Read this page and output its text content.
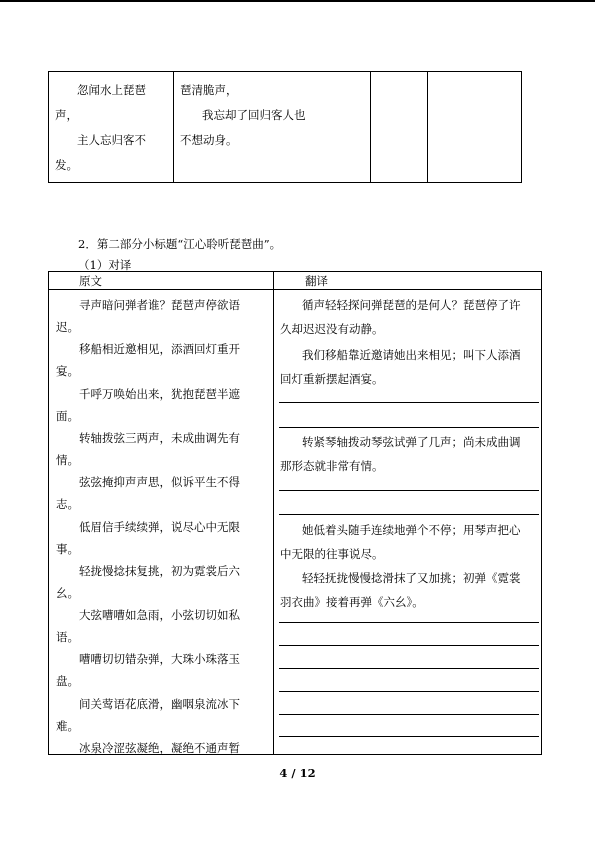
忽闻水上琵琶
声，
主人忘归客不
发。
琶清脆声，
我忘却了回归客人也
不想动身。
2．第二部分小标题“江心聆听琵琶曲”。
（1）对译
原文	翻译
寻声暗问弹者谁？琵琶声停欲语
迟。
移船相近邀相见，添酒回灯重开
宴。
千呼万唤始出来，犹抱琵琶半遮
面。
转轴拨弦三两声，未成曲调先有
情。
弦弦掩抑声声思，似诉平生不得
志。
低眉信手续续弹，说尽心中无限
事。
轻拢慢捻抹复挑，初为霓裳后六
幺。
大弦嘈嘈如急雨，小弦切切如私
语。
嘈嘈切切错杂弹，大珠小珠落玉
盘。
间关莺语花底滑，幽咽泉流冰下
难。
冰泉冷涩弦凝绝，凝绝不通声暂
循声轻轻探问弹琵琶的是何人？琵琶停了许
久却迟迟没有动静。
我们移船靠近邀请她出来相见；叫下人添酒
回灯重新摆起酒宴。
转紧琴轴拨动琴弦试弹了几声；尚未成曲调
那形态就非常有情。
她低着头随手连续地弹个不停；用琴声把心
中无限的往事说尽。
轻轻抚拢慢慢捻滑抹了又加挑；初弹《霓裳
羽衣曲》接着再弹《六幺》。
4 / 12
